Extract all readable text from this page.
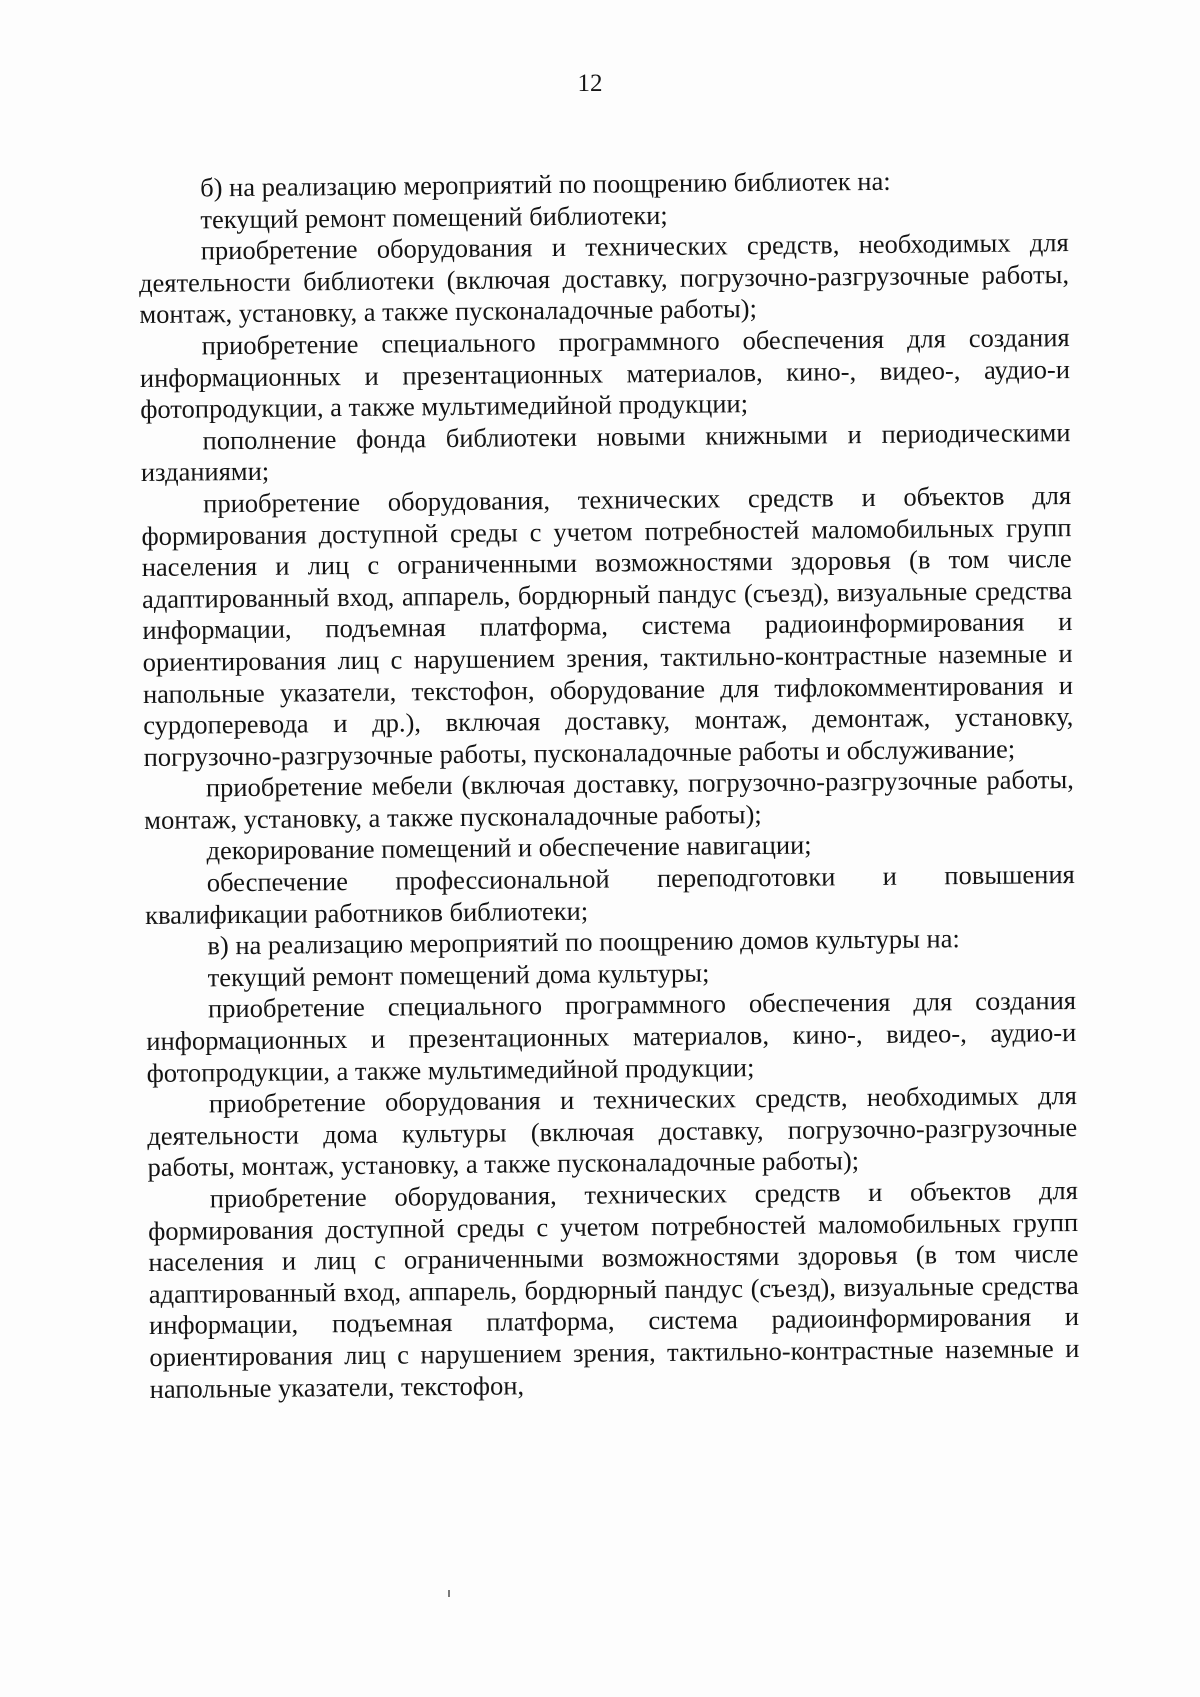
12

б) на реализацию мероприятий по поощрению библиотек на:

текущий ремонт помещений библиотеки;

приобретение оборудования и технических средств, необходимых для деятельности библиотеки (включая доставку, погрузочно-разгрузочные работы, монтаж, установку, а также пусконаладочные работы);

приобретение специального программного обеспечения для создания информационных и презентационных материалов, кино-, видео-, аудио-и фотопродукции, а также мультимедийной продукции;

пополнение фонда библиотеки новыми книжными и периодическими изданиями;

приобретение оборудования, технических средств и объектов для формирования доступной среды с учетом потребностей маломобильных групп населения и лиц с ограниченными возможностями здоровья (в том числе адаптированный вход, аппарель, бордюрный пандус (съезд), визуальные средства информации, подъемная платформа, система радиоинформирования и ориентирования лиц с нарушением зрения, тактильно-контрастные наземные и напольные указатели, текстофон, оборудование для тифлокомментирования и сурдоперевода и др.), включая доставку, монтаж, демонтаж, установку, погрузочно-разгрузочные работы, пусконаладочные работы и обслуживание;

приобретение мебели (включая доставку, погрузочно-разгрузочные работы, монтаж, установку, а также пусконаладочные работы);

декорирование помещений и обеспечение навигации;

обеспечение профессиональной переподготовки и повышения квалификации работников библиотеки;

в) на реализацию мероприятий по поощрению домов культуры на:

текущий ремонт помещений дома культуры;

приобретение специального программного обеспечения для создания информационных и презентационных материалов, кино-, видео-, аудио-и фотопродукции, а также мультимедийной продукции;

приобретение оборудования и технических средств, необходимых для деятельности дома культуры (включая доставку, погрузочно-разгрузочные работы, монтаж, установку, а также пусконаладочные работы);

приобретение оборудования, технических средств и объектов для формирования доступной среды с учетом потребностей маломобильных групп населения и лиц с ограниченными возможностями здоровья (в том числе адаптированный вход, аппарель, бордюрный пандус (съезд), визуальные средства информации, подъемная платформа, система радиоинформирования и ориентирования лиц с нарушением зрения, тактильно-контрастные наземные и напольные указатели, текстофон,
